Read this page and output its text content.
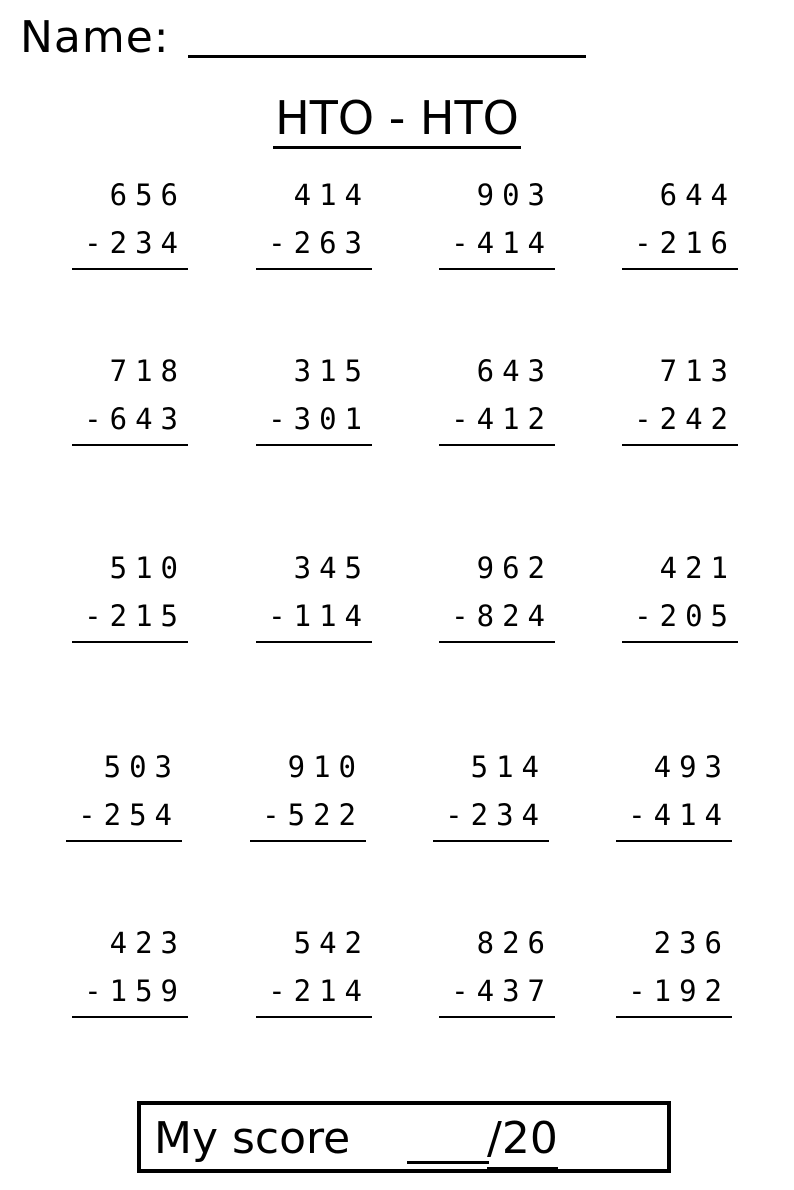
Name:
HTO - HTO
656
-234
414
-263
903
-414
644
-216
718
-643
315
-301
643
-412
713
-242
510
-215
345
-114
962
-824
421
-205
503
-254
910
-522
514
-234
493
-414
423
-159
542
-214
826
-437
236
-192
My score	/20
